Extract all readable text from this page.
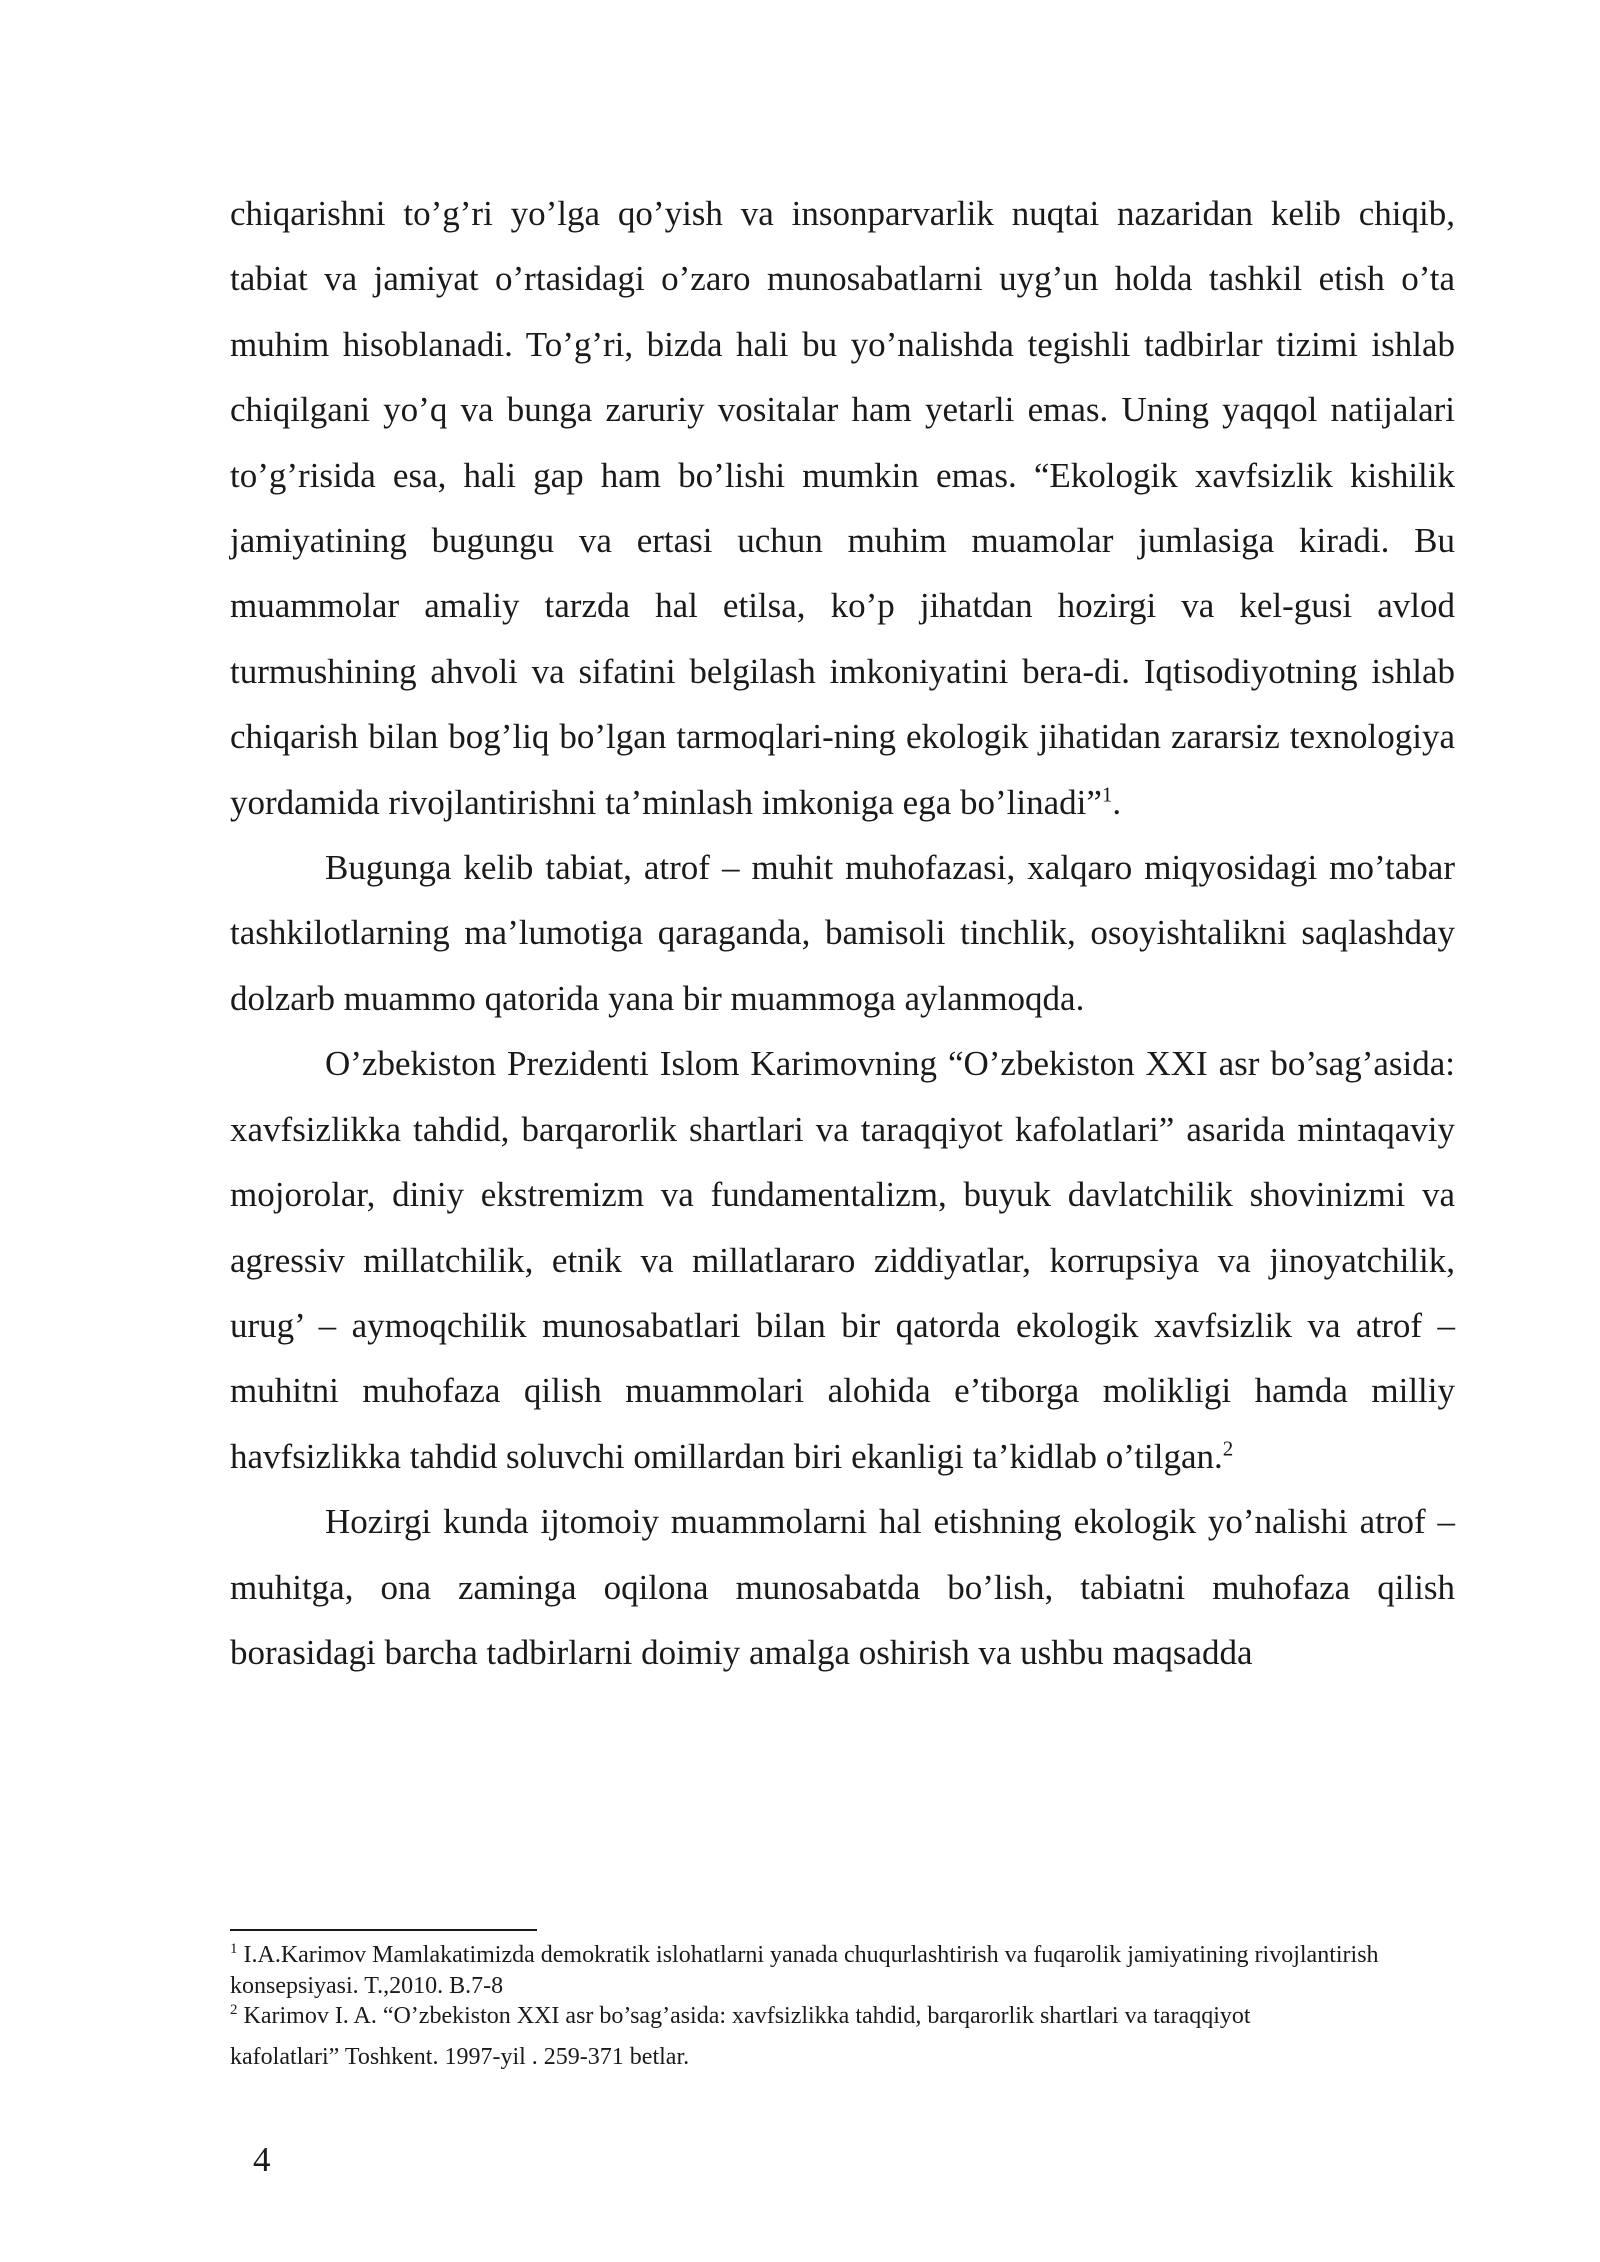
chiqarishni to’g’ri yo’lga qo’yish va insonparvarlik nuqtai nazaridan kelib chiqib, tabiat va jamiyat o’rtasidagi o’zaro munosabatlarni uyg’un holda tashkil etish o’ta muhim hisoblanadi. To’g’ri, bizda hali bu yo’nalishda tegishli tadbirlar tizimi ishlab chiqilgani yo’q va bunga zaruriy vositalar ham yetarli emas. Uning yaqqol natijalari to’g’risida esa, hali gap ham bo’lishi mumkin emas. “Ekologik xavfsizlik kishilik jamiyatining bugungu va ertasi uchun muhim muamolar jumlasiga kiradi. Bu muammolar amaliy tarzda hal etilsa, ko’p jihatdan hozirgi va kel-gusi avlod turmushining ahvoli va sifatini belgilash imkoniyatini bera-di. Iqtisodiyotning ishlab chiqarish bilan bog’liq bo’lgan tarmoqlari-ning ekologik jihatidan zararsiz texnologiya yordamida rivojlantirishni ta’minlash imkoniga ega bo’linadi”$^1$.

Bugunga kelib tabiat, atrof – muhit muhofazasi, xalqaro miqyosidagi mo’tabar tashkilotlarning ma’lumotiga qaraganda, bamisoli tinchlik, osoyishtalikni saqlashday dolzarb muammo qatorida yana bir muammoga aylanmoqda.

O’zbekiston Prezidenti Islom Karimovning “O’zbekiston XXI asr bo’sag’asida: xavfsizlikka tahdid, barqarorlik shartlari va taraqqiyot kafolatlari” asarida mintaqaviy mojorolar, diniy ekstremizm va fundamentalizm, buyuk davlatchilik shovinizmi va agressiv millatchilik, etnik va millatlararo ziddiyatlar, korrupsiya va jinoyatchilik, urug’ – aymoqchilik munosabatlari bilan bir qatorda ekologik xavfsizlik va atrof – muhitni muhofaza qilish muammolari alohida e’tiborga molikligi hamda milliy havfsizlikka tahdid soluvchi omillardan biri ekanligi ta’kidlab o’tilgan.$^2$

Hozirgi kunda ijtomoiy muammolarni hal etishning ekologik yo’nalishi atrof – muhitga, ona zaminga oqilona munosabatda bo’lish, tabiatni muhofaza qilish borasidagi barcha tadbirlarni doimiy amalga oshirish va ushbu maqsadda

$^1$ I.A.Karimov Mamlakatimizda demokratik islohatlarni yanada chuqurlashtirish va fuqarolik jamiyatining rivojlantirish konsepsiyasi. T.,2010. B.7-8

$^2$ Karimov I. A. “O’zbekiston XXI asr bo’sag’asida: xavfsizlikka tahdid, barqarorlik shartlari va taraqqiyot
kafolatlari” Toshkent. 1997-yil . 259-371 betlar.

4
